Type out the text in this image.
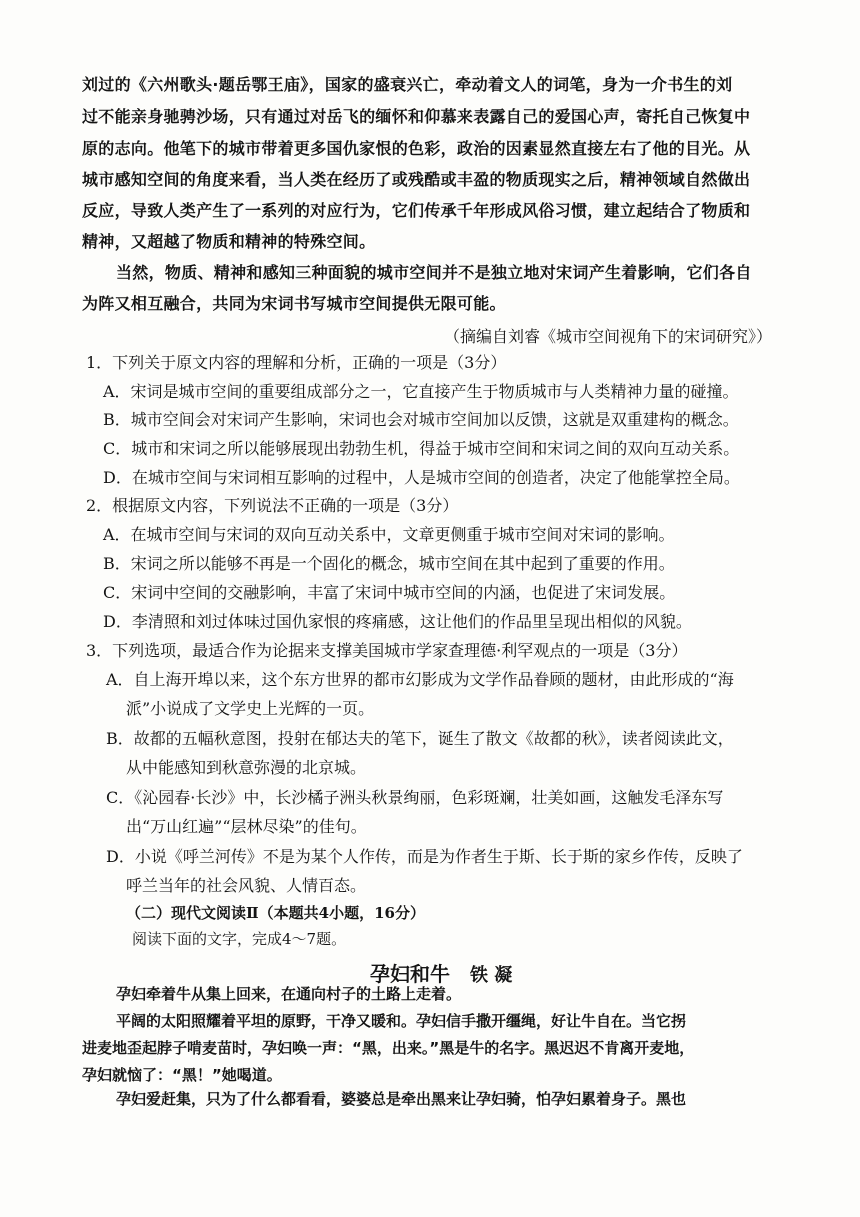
刘过的《六州歌头·题岳鄂王庙》，国家的盛衰兴亡，牵动着文人的词笔，身为一介书生的刘
过不能亲身驰骋沙场，只有通过对岳飞的缅怀和仰慕来表露自己的爱国心声，寄托自己恢复中
原的志向。他笔下的城市带着更多国仇家恨的色彩，政治的因素显然直接左右了他的目光。从
城市感知空间的角度来看，当人类在经历了或残酷或丰盈的物质现实之后，精神领域自然做出
反应，导致人类产生了一系列的对应行为，它们传承千年形成风俗习惯，建立起结合了物质和
精神，又超越了物质和精神的特殊空间。
当然，物质、精神和感知三种面貌的城市空间并不是独立地对宋词产生着影响，它们各自
为阵又相互融合，共同为宋词书写城市空间提供无限可能。
（摘编自刘睿《城市空间视角下的宋词研究》）
1．下列关于原文内容的理解和分析，正确的一项是（3分）
A．宋词是城市空间的重要组成部分之一，它直接产生于物质城市与人类精神力量的碰撞。
B．城市空间会对宋词产生影响，宋词也会对城市空间加以反馈，这就是双重建构的概念。
C．城市和宋词之所以能够展现出勃勃生机，得益于城市空间和宋词之间的双向互动关系。
D．在城市空间与宋词相互影响的过程中，人是城市空间的创造者，决定了他能掌控全局。
2．根据原文内容，下列说法不正确的一项是（3分）
A．在城市空间与宋词的双向互动关系中，文章更侧重于城市空间对宋词的影响。
B．宋词之所以能够不再是一个固化的概念，城市空间在其中起到了重要的作用。
C．宋词中空间的交融影响，丰富了宋词中城市空间的内涵，也促进了宋词发展。
D．李清照和刘过体味过国仇家恨的疼痛感，这让他们的作品里呈现出相似的风貌。
3．下列选项，最适合作为论据来支撑美国城市学家查理德·利罕观点的一项是（3分）
A．自上海开埠以来，这个东方世界的都市幻影成为文学作品眷顾的题材，由此形成的“海
派”小说成了文学史上光辉的一页。
B．故都的五幅秋意图，投射在郁达夫的笔下，诞生了散文《故都的秋》，读者阅读此文，
从中能感知到秋意弥漫的北京城。
C．《沁园春·长沙》中，长沙橘子洲头秋景绚丽，色彩斑斓，壮美如画，这触发毛泽东写
出“万山红遍”“层林尽染”的佳句。
D．小说《呼兰河传》不是为某个人作传，而是为作者生于斯、长于斯的家乡作传，反映了
呼兰当年的社会风貌、人情百态。
（二）现代文阅读Ⅱ（本题共4小题，16分）
阅读下面的文字，完成4～7题。
孕妇和牛 铁 凝
孕妇牵着牛从集上回来，在通向村子的土路上走着。
平阔的太阳照耀着平坦的原野，干净又暖和。孕妇信手撒开缰绳，好让牛自在。当它拐
进麦地歪起脖子啃麦苗时，孕妇唤一声：“黑，出来。”黑是牛的名字。黑迟迟不肯离开麦地，
孕妇就恼了：“黑！”她喝道。
孕妇爱赶集，只为了什么都看看，婆婆总是牵出黑来让孕妇骑，怕孕妇累着身子。黑也
